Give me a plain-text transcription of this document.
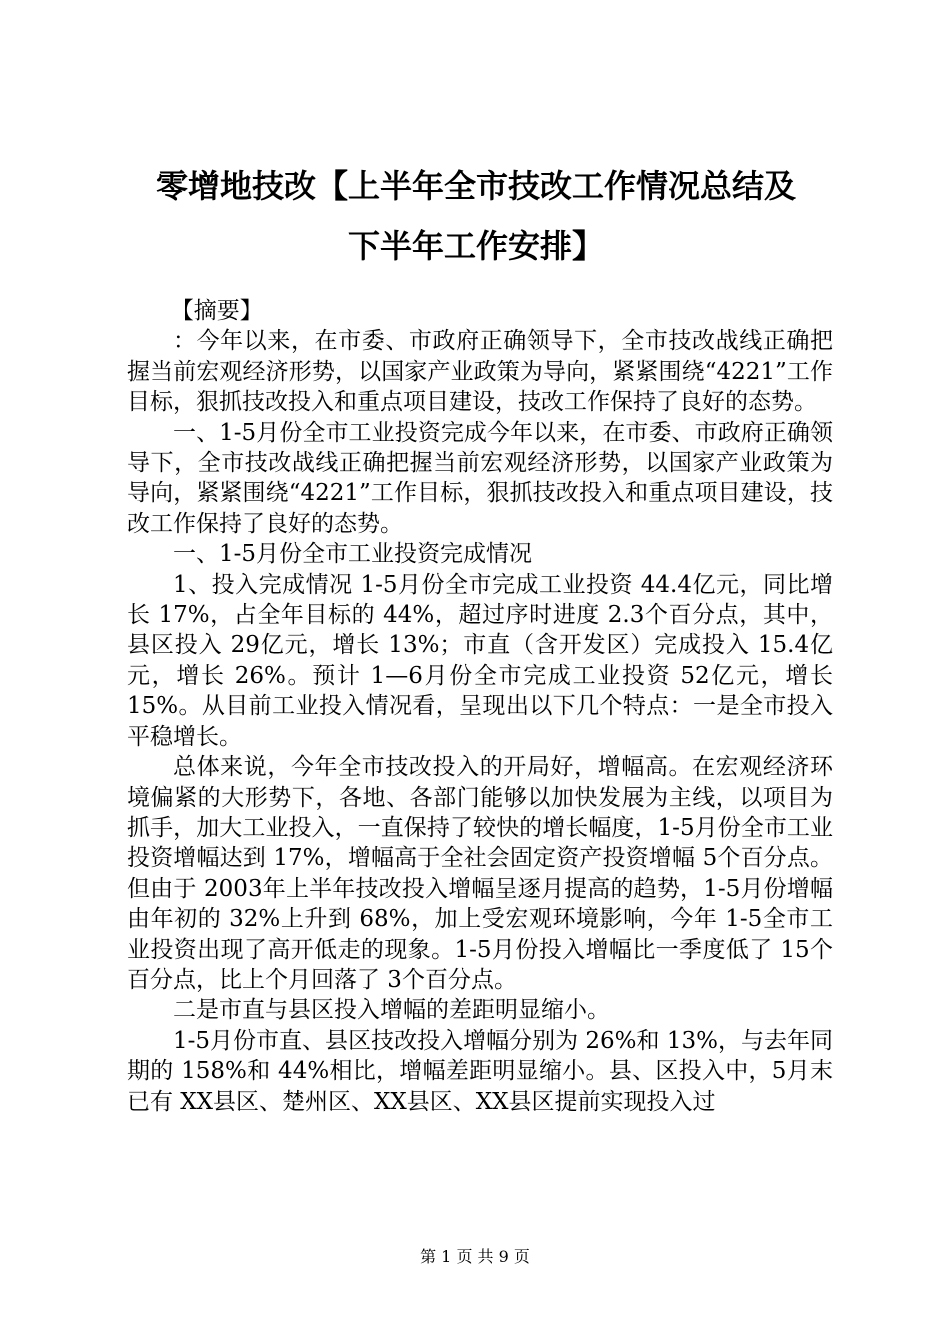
零增地技改【上半年全市技改工作情况总结及
下半年工作安排】

【摘要】

：今年以来，在市委、市政府正确领导下，全市技改战线正确把握当前宏观经济形势，以国家产业政策为导向，紧紧围绕“4221”工作目标，狠抓技改投入和重点项目建设，技改工作保持了良好的态势。

一、1-5月份全市工业投资完成今年以来，在市委、市政府正确领导下，全市技改战线正确把握当前宏观经济形势，以国家产业政策为导向，紧紧围绕“4221”工作目标，狠抓技改投入和重点项目建设，技改工作保持了良好的态势。

一、1-5月份全市工业投资完成情况

1、投入完成情况 1-5月份全市完成工业投资 44.4亿元，同比增长 17%，占全年目标的 44%，超过序时进度 2.3个百分点，其中，县区投入 29亿元，增长 13%；市直（含开发区）完成投入 15.4亿元，增长 26%。预计 1—6月份全市完成工业投资 52亿元，增长 15%。从目前工业投入情况看，呈现出以下几个特点：一是全市投入平稳增长。

总体来说，今年全市技改投入的开局好，增幅高。在宏观经济环境偏紧的大形势下，各地、各部门能够以加快发展为主线，以项目为抓手，加大工业投入，一直保持了较快的增长幅度，1-5月份全市工业投资增幅达到 17%，增幅高于全社会固定资产投资增幅 5个百分点。但由于 2003年上半年技改投入增幅呈逐月提高的趋势，1-5月份增幅由年初的 32%上升到 68%，加上受宏观环境影响，今年 1-5全市工业投资出现了高开低走的现象。1-5月份投入增幅比一季度低了 15个百分点，比上个月回落了 3个百分点。

二是市直与县区投入增幅的差距明显缩小。

1-5月份市直、县区技改投入增幅分别为 26%和 13%，与去年同期的 158%和 44%相比，增幅差距明显缩小。县、区投入中，5月末已有 XX县区、楚州区、XX县区、XX县区提前实现投入过

第 1 页 共 9 页
